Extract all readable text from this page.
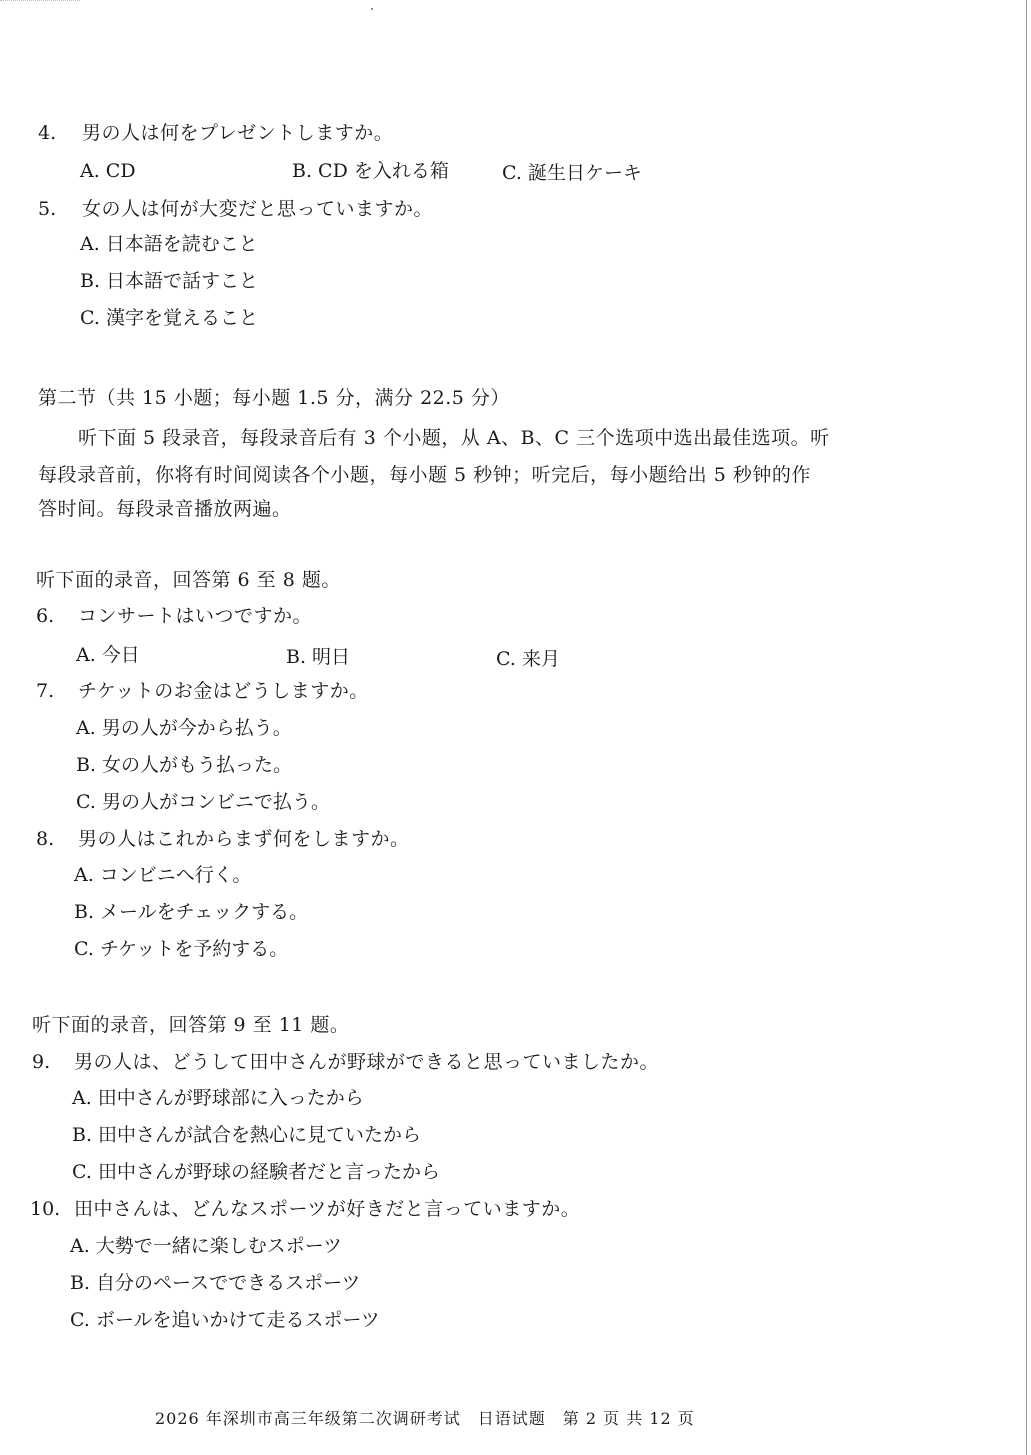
4. 男の人は何をプレゼントしますか。
A. CD	B. CD を入れる箱	C. 誕生日ケーキ
5. 女の人は何が大変だと思っていますか。
A. 日本語を読むこと
B. 日本語で話すこと
C. 漢字を覚えること
第二节（共 15 小题；每小题 1.5 分，满分 22.5 分）
听下面 5 段录音，每段录音后有 3 个小题，从 A、B、C 三个选项中选出最佳选项。听
每段录音前，你将有时间阅读各个小题，每小题 5 秒钟；听完后，每小题给出 5 秒钟的作
答时间。每段录音播放两遍。
听下面的录音，回答第 6 至 8 题。
6. コンサートはいつですか。
A. 今日	B. 明日	C. 来月
7. チケットのお金はどうしますか。
A. 男の人が今から払う。
B. 女の人がもう払った。
C. 男の人がコンビニで払う。
8. 男の人はこれからまず何をしますか。
A. コンビニへ行く。
B. メールをチェックする。
C. チケットを予約する。
听下面的录音，回答第 9 至 11 题。
9. 男の人は、どうして田中さんが野球ができると思っていましたか。
A. 田中さんが野球部に入ったから
B. 田中さんが試合を熱心に見ていたから
C. 田中さんが野球の経験者だと言ったから
10. 田中さんは、どんなスポーツが好きだと言っていますか。
A. 大勢で一緒に楽しむスポーツ
B. 自分のペースでできるスポーツ
C. ボールを追いかけて走るスポーツ
2026 年深圳市高三年级第二次调研考试　日语试题　第 2 页 共 12 页
